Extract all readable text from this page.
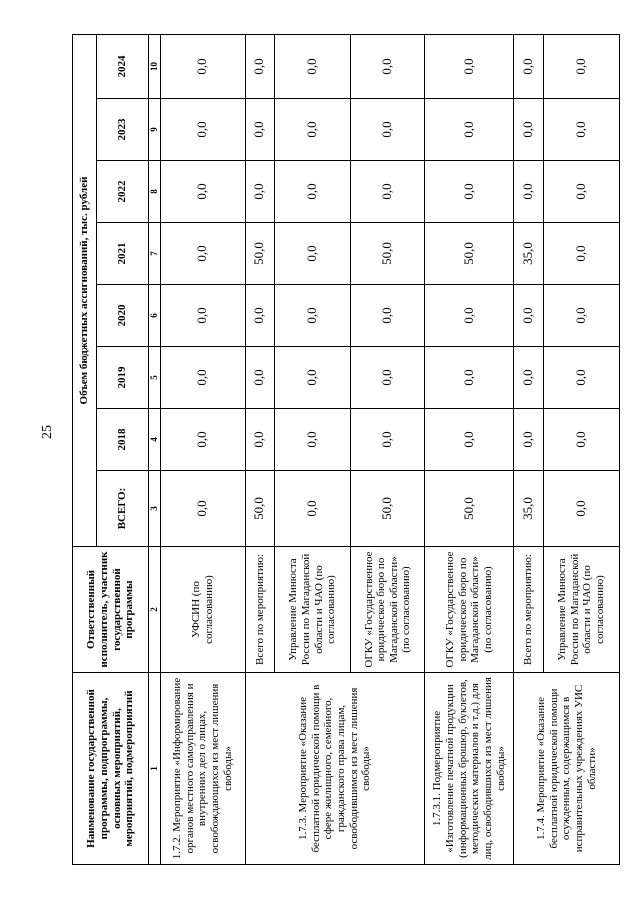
25
Наименование государственной программы, подпрограммы, основных мероприятий, мероприятий, подмероприятий	Ответственный исполнитель, участник государственной программы	Объем бюджетных ассигнований, тыс. рублей							
		ВСЕГО:	2018	2019	2020	2021	2022	2023	2024
1	2	3	4	5	6	7	8	9	10
1.7.2. Мероприятие «Информирование органов местного самоуправления и внутренних дел о лицах, освобождающихся из мест лишения свободы»	УФСИН (по согласованию)	0,0	0,0	0,0	0,0	0,0	0,0	0,0	0,0
1.7.3. Мероприятие «Оказание бесплатной юридической помощи в сфере жилищного, семейного, гражданского права лицам, освободившимся из мест лишения свободы»	Всего по мероприятию:	50,0	0,0	0,0	0,0	50,0	0,0	0,0	0,0
	Управление Минюста России по Магаданской области и ЧАО (по согласованию)	0,0	0,0	0,0	0,0	0,0	0,0	0,0	0,0
	ОГКУ «Государственное юридическое бюро по Магаданской области» (по согласованию)	50,0	0,0	0,0	0,0	50,0	0,0	0,0	0,0
1.7.3.1. Подмероприятие «Изготовление печатной продукции (информационных брошюр, буклетов, методических материалов и т.д.) для лиц, освободившихся из мест лишения свободы»	ОГКУ «Государственное юридическое бюро по Магаданской области» (по согласованию)	50,0	0,0	0,0	0,0	50,0	0,0	0,0	0,0
1.7.4. Мероприятие «Оказание бесплатной юридической помощи осужденным, содержащимся в исправительных учреждениях УИС области»	Всего по мероприятию:	35,0	0,0	0,0	0,0	35,0	0,0	0,0	0,0
	Управление Минюста России по Магаданской области и ЧАО (по согласованию)	0,0	0,0	0,0	0,0	0,0	0,0	0,0	0,0
